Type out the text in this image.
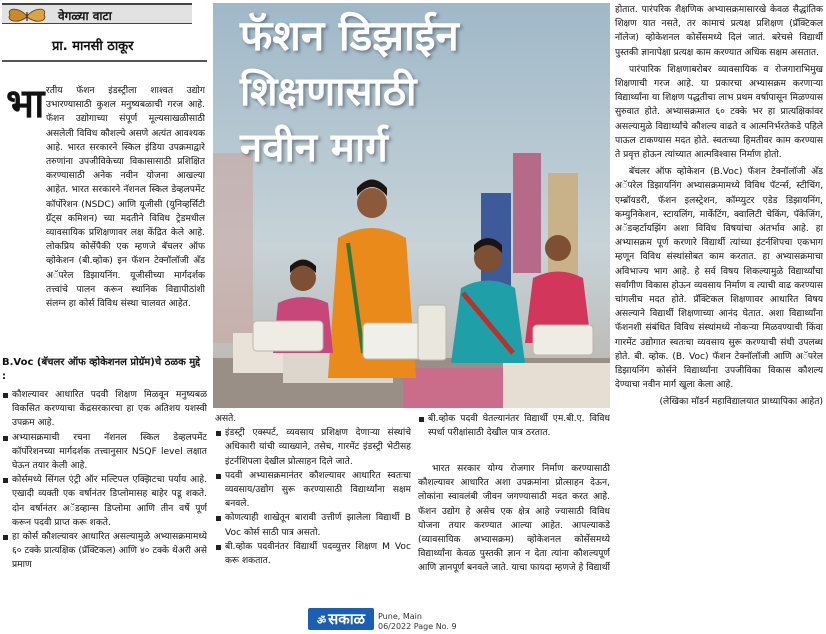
वेगळ्या वाटा
प्रा. मानसी ठाकूर
भा रतीय फॅशन इंडस्ट्रीला शाश्वत उद्योग उभारण्यासाठी कुशल मनुष्यबळाची गरज आहे. फॅशन उद्योगाच्या संपूर्ण मूल्यसाखळीसाठी असलेली विविध कौशल्ये असणे अत्यंत आवश्यक आहे. भारत सरकारने स्किल इंडिया उपक्रमाद्वारे तरुणांना उपजीविकेच्या विकासासाठी प्रशिक्षित करण्यासाठी अनेक नवीन योजना आखल्या आहेत. भारत सरकारने नॅशनल स्किल डेव्हलपमेंट कॉर्पोरेशन (NSDC) आणि यूजीसी (युनिव्हर्सिटी ग्रँट्स कमिशन) च्या मदतीने विविध ट्रेडमधील व्यावसायिक प्रशिक्षणावर लक्ष केंद्रित केले आहे. लोकप्रिय कोर्सेपैकी एक म्हणजे बॅचलर ऑफ व्होकेशन (बी.व्होक) इन फॅशन टेक्नॉलॉजी अँड अॅपरेल डिझायनिंग. यूजीसीच्या मार्गदर्शक तत्त्वांचे पालन करून स्थानिक विद्यापीठांशी संलग्न हा कोर्स विविध संस्था चालवत आहेत.

B.Voc (बॅचलर ऑफ व्होकेशनल प्रोग्रॅम)चे ठळक मुद्दे :

कौशल्यावर आधारित पदवी शिक्षण मिळवून मनुष्यबळ विकसित करण्याचा केंद्रसरकारचा हा एक अतिशय यशस्वी उपक्रम आहे.

अभ्यासक्रमाची रचना नॅशनल स्किल डेव्हलपमेंट कॉर्पोरेशनच्या मार्गदर्शक तत्त्वानुसार NSQF level लक्षात घेऊन तयार केली आहे.

कोर्समध्ये सिंगल एंट्री ऑर मल्टिपल एक्झिटचा पर्याय आहे. एखादी व्यक्ती एक वर्षानंतर डिप्लोमासह बाहेर पडू शकते. दोन वर्षानंतर अॅडव्हान्स डिप्लोमा आणि तीन वर्षे पूर्ण करून पदवी प्राप्त करू शकते.

हा कोर्स कौशल्यावर आधारित असल्यामुळे अभ्यासक्रमामध्ये ६० टक्के प्रात्यक्षिक (प्रॅक्टिकल) आणि ४० टक्के थेअरी असे प्रमाण

फॅशन डिझाईन
शिक्षणासाठी
नवीन मार्ग

असते.

इंडस्ट्री एक्स्पर्ट, व्यवसाय प्रशिक्षण देणाऱ्या संस्थांचे अधिकारी यांची व्याख्याने, तसेच, गारमेंट इंडस्ट्री भेटीसह इंटर्नशिपला देखील प्रोत्साहन दिले जाते.

पदवी अभ्यासक्रमानंतर कौशल्यावर आधारित स्वतःचा व्यवसाय/उद्योग सुरू करण्यासाठी विद्यार्थ्यांना सक्षम बनवले.

कोणत्याही शाखेतून बारावी उत्तीर्ण झालेला विद्यार्थी B Voc कोर्स साठी पात्र असतो.

बी.व्होक पदवीनंतर विद्यार्थी पदव्युत्तर शिक्षण M Voc करू शकतात.

बी.व्होक पदवी घेतल्यानंतर विद्यार्थी एम.बी.ए. विविध स्पर्धा परीक्षांसाठी देखील पात्र ठरतात.

भारत सरकार योग्य रोजगार निर्माण करण्यासाठी कौशल्यावर आधारित अशा उपक्रमांना प्रोत्साहन देऊन, लोकांना स्वावलंबी जीवन जगण्यासाठी मदत करत आहे. फॅशन उद्योग हे असेच एक क्षेत्र आहे ज्यासाठी विविध योजना तयार करण्यात आल्या आहेत. आपल्याकडे (व्यावसायिक अभ्यासक्रम) व्होकेशनल कोर्सेसमध्ये विद्यार्थ्यांना केवळ पुस्तकी ज्ञान न देता त्यांना कौशल्यपूर्ण आणि ज्ञानपूर्ण बनवले जाते. याचा फायदा म्हणजे हे विद्यार्थी

होतात. पारंपरिक शैक्षणिक अभ्यासक्रमासारखे केवळ सैद्धांतिक शिक्षण यात नसते, तर कामाचं प्रत्यक्ष प्रशिक्षण (प्रॅक्टिकल नॉलेज) व्होकेशनल कोर्सेसमध्ये दिलं जातं. बरेचसे विद्यार्थी पुस्तकी ज्ञानापेक्षा प्रत्यक्ष काम करण्यात अधिक सक्षम असतात.

पारंपारिक शिक्षणाबरोबर व्यावसायिक व रोजगाराभिमुख शिक्षणाची गरज आहे. या प्रकारचा अभ्यासक्रम करणाऱ्या विद्यार्थ्यांना या शिक्षण पद्धतीचा लाभ प्रथम वर्षापासून मिळण्यास सुरुवात होते. अभ्यासक्रमात ६० टक्के भर हा प्रात्यक्षिकांवर असल्यामुळे विद्यार्थ्यांचे कौशल्य वाढते व आत्मनिर्भरतेकडे पहिले पाऊल टाकण्यास मदत होते. स्वतःच्या हिमतीवर काम करण्यास ते प्रवृत्त होऊन त्यांच्यात आत्मविश्वास निर्माण होतो.

बॅचलर ऑफ व्होकेशन (B.Voc) फॅशन टेक्नॉलॉजी अँड अॅपरेल डिझायनिंग अभ्यासक्रमामध्ये विविध पॅटर्न्स, स्टीचिंग, एम्ब्रॉयडरी, फॅशन इलस्ट्रेशन, कॉम्प्युटर एडेड डिझायनिंग, कम्युनिकेशन, स्टायलिंग, मार्केटिंग, क्वालिटी चेकिंग, पॅकेजिंग, अॅडव्हर्टायझिंग अशा विविध विषयांचा अंतर्भाव आहे. हा अभ्यासक्रम पूर्ण करणारे विद्यार्थी त्यांच्या इंटर्नशिपचा एकभाग म्हणून विविध संस्थांसोबत काम करतात. हा अभ्यासक्रमाचा अविभाज्य भाग आहे. हे सर्व विषय शिकल्यामुळे विद्यार्थ्यांचा सर्वांगीण विकास होऊन व्यवसाय निर्माण व त्याची वाढ करण्यास चांगलीच मदत होते. प्रॅक्टिकल शिक्षणावर आधारित विषय असल्याने विद्यार्थी शिक्षणाच्या आनंद घेतात. अशा विद्यार्थ्यांना फॅशनशी संबंधित विविध संस्थांमध्ये नोकऱ्या मिळवण्याची किंवा गारमेंट उद्योगात स्वतःचा व्यवसाय सुरू करण्याची संधी उपलब्ध होते. बी. व्होक. (B. Voc) फॅशन टेक्नॉलॉजी आणि अॅपरेल डिझायनिंग कोर्सने विद्यार्थ्यांना उपजीविका विकास कौशल्य देण्याचा नवीन मार्ग खुला केला आहे.

(लेखिका मॉडर्न महाविद्यालयात प्राध्यापिका आहेत)

ॐ सकाळ	Pune, Main
06/2022 Page No. 9
